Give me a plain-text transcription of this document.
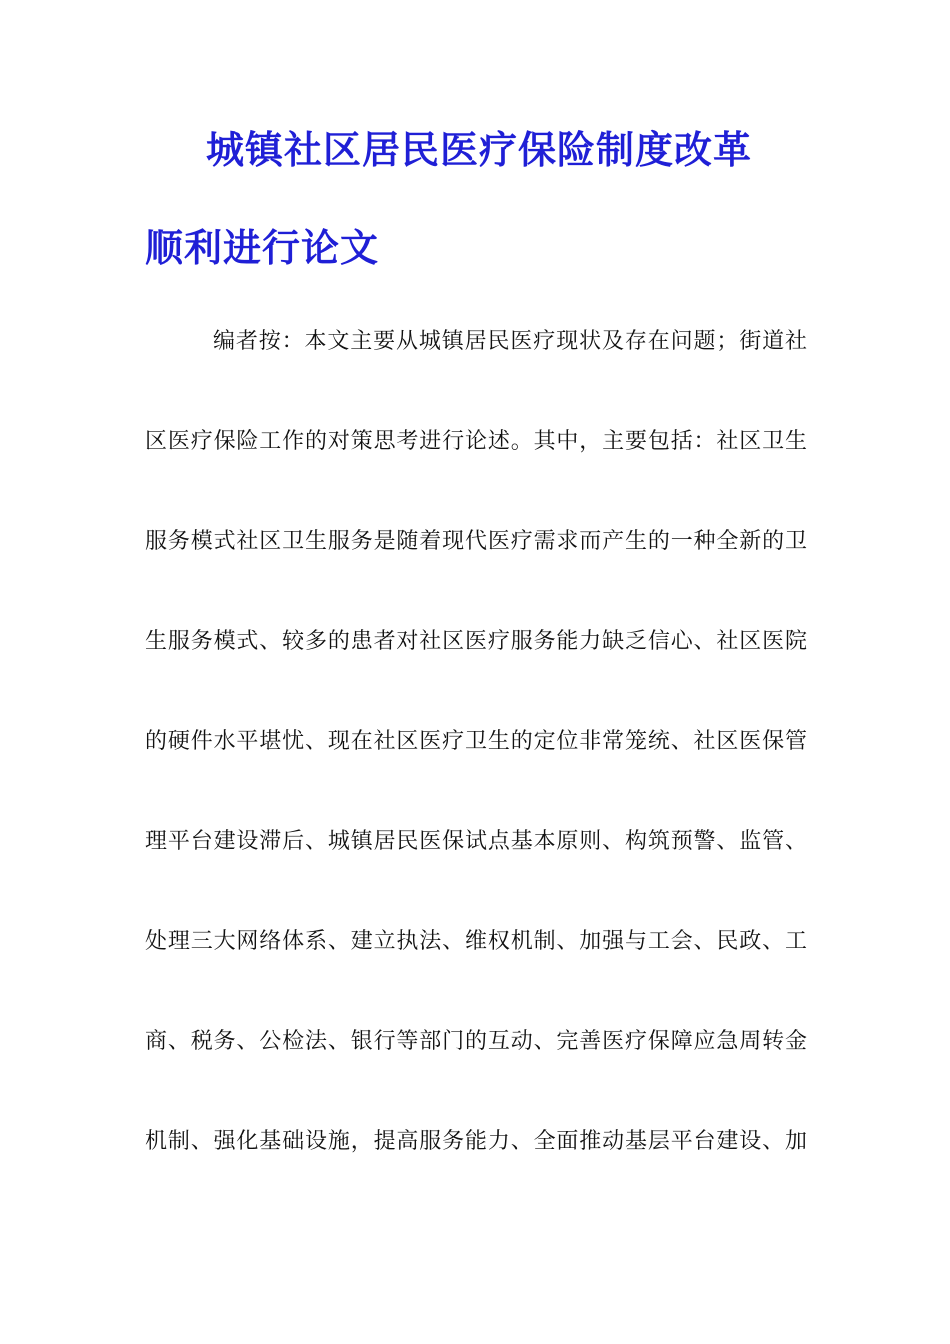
城镇社区居民医疗保险制度改革
顺利进行论文
编者按：本文主要从城镇居民医疗现状及存在问题；街道社
区医疗保险工作的对策思考进行论述。其中，主要包括：社区卫生
服务模式社区卫生服务是随着现代医疗需求而产生的一种全新的卫
生服务模式、较多的患者对社区医疗服务能力缺乏信心、社区医院
的硬件水平堪忧、现在社区医疗卫生的定位非常笼统、社区医保管
理平台建设滞后、城镇居民医保试点基本原则、构筑预警、监管、
处理三大网络体系、建立执法、维权机制、加强与工会、民政、工
商、税务、公检法、银行等部门的互动、完善医疗保障应急周转金
机制、强化基础设施，提高服务能力、全面推动基层平台建设、加
